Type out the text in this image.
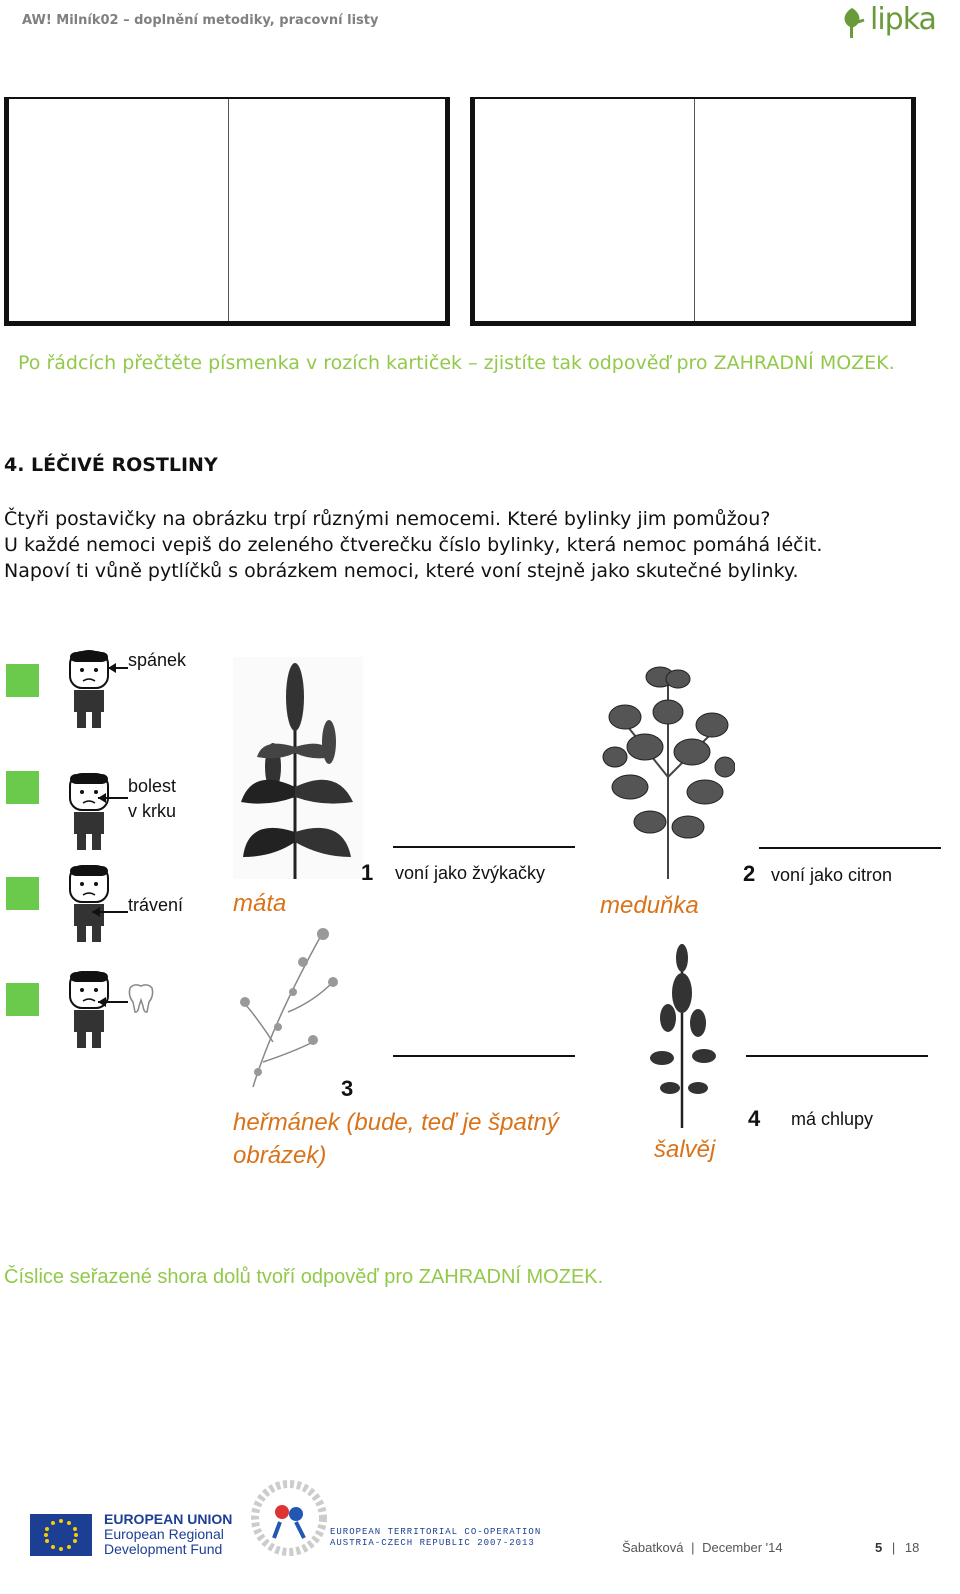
AW! Milník02 – doplnění metodiky, pracovní listy	lipka
Po řádcích přečtěte písmenka v rozích kartiček – zjistíte tak odpověď pro ZAHRADNÍ MOZEK.
4. LÉČIVÉ ROSTLINY
Čtyři postavičky na obrázku trpí různými nemocemi. Které bylinky jim pomůžou?
U každé nemoci vepiš do zeleného čtverečku číslo bylinky, která nemoc pomáhá léčit.
Napoví ti vůně pytlíčků s obrázkem nemoci, které voní stejně jako skutečné bylinky.
spánek
bolest
v krku
trávení
1 voní jako žvýkačky
máta
2 voní jako citron
meduňka
3
heřmánek (bude, teď je špatný
obrázek)
4 má chlupy
šalvěj
Číslice seřazené shora dolů tvoří odpověď pro ZAHRADNÍ MOZEK.
EUROPEAN UNION
European Regional
Development Fund
EUROPEAN TERRITORIAL CO-OPERATION
AUSTRIA-CZECH REPUBLIC 2007-2013	Šabatková | December '14	5 | 18
